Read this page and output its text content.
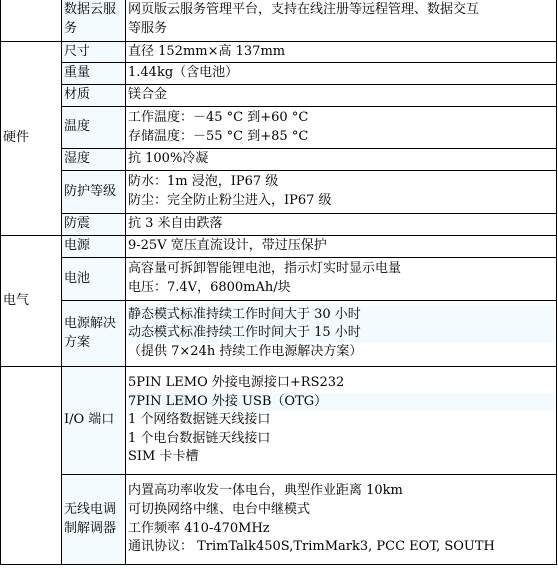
	数据云服务	网页版云服务管理平台，支持在线注册等远程管理、数据交互
等服务

硬件	尺寸	直径 152mm×高 137mm
	重量	1.44kg（含电池）
	材质	镁合金
	温度	工作温度：－45 °C 到+60 °C
存储温度：－55 °C 到+85 °C

	湿度	抗 100%冷凝
	防护等级	防水：1m 浸泡，IP67 级
防尘：完全防止粉尘进入，IP67 级

	防震	抗 3 米自由跌落
电气	电源	9-25V 宽压直流设计，带过压保护
	电池	高容量可拆卸智能锂电池，指示灯实时显示电量
电压：7.4V，6800mAh/块

	电源解决方案	静态模式标准持续工作时间大于 30 小时
动态模式标准持续工作时间大于 15 小时
（提供 7×24h 持续工作电源解决方案）

	I/O 端口	5PIN LEMO 外接电源接口+RS232
7PIN LEMO 外接 USB（OTG）
1 个网络数据链天线接口
1 个电台数据链天线接口
SIM 卡卡槽

	无线电调制解调器	内置高功率收发一体电台，典型作业距离 10km
可切换网络中继、电台中继模式
工作频率 410-470MHz
通讯协议： TrimTalk450S,TrimMark3, PCC EOT, SOUTH
